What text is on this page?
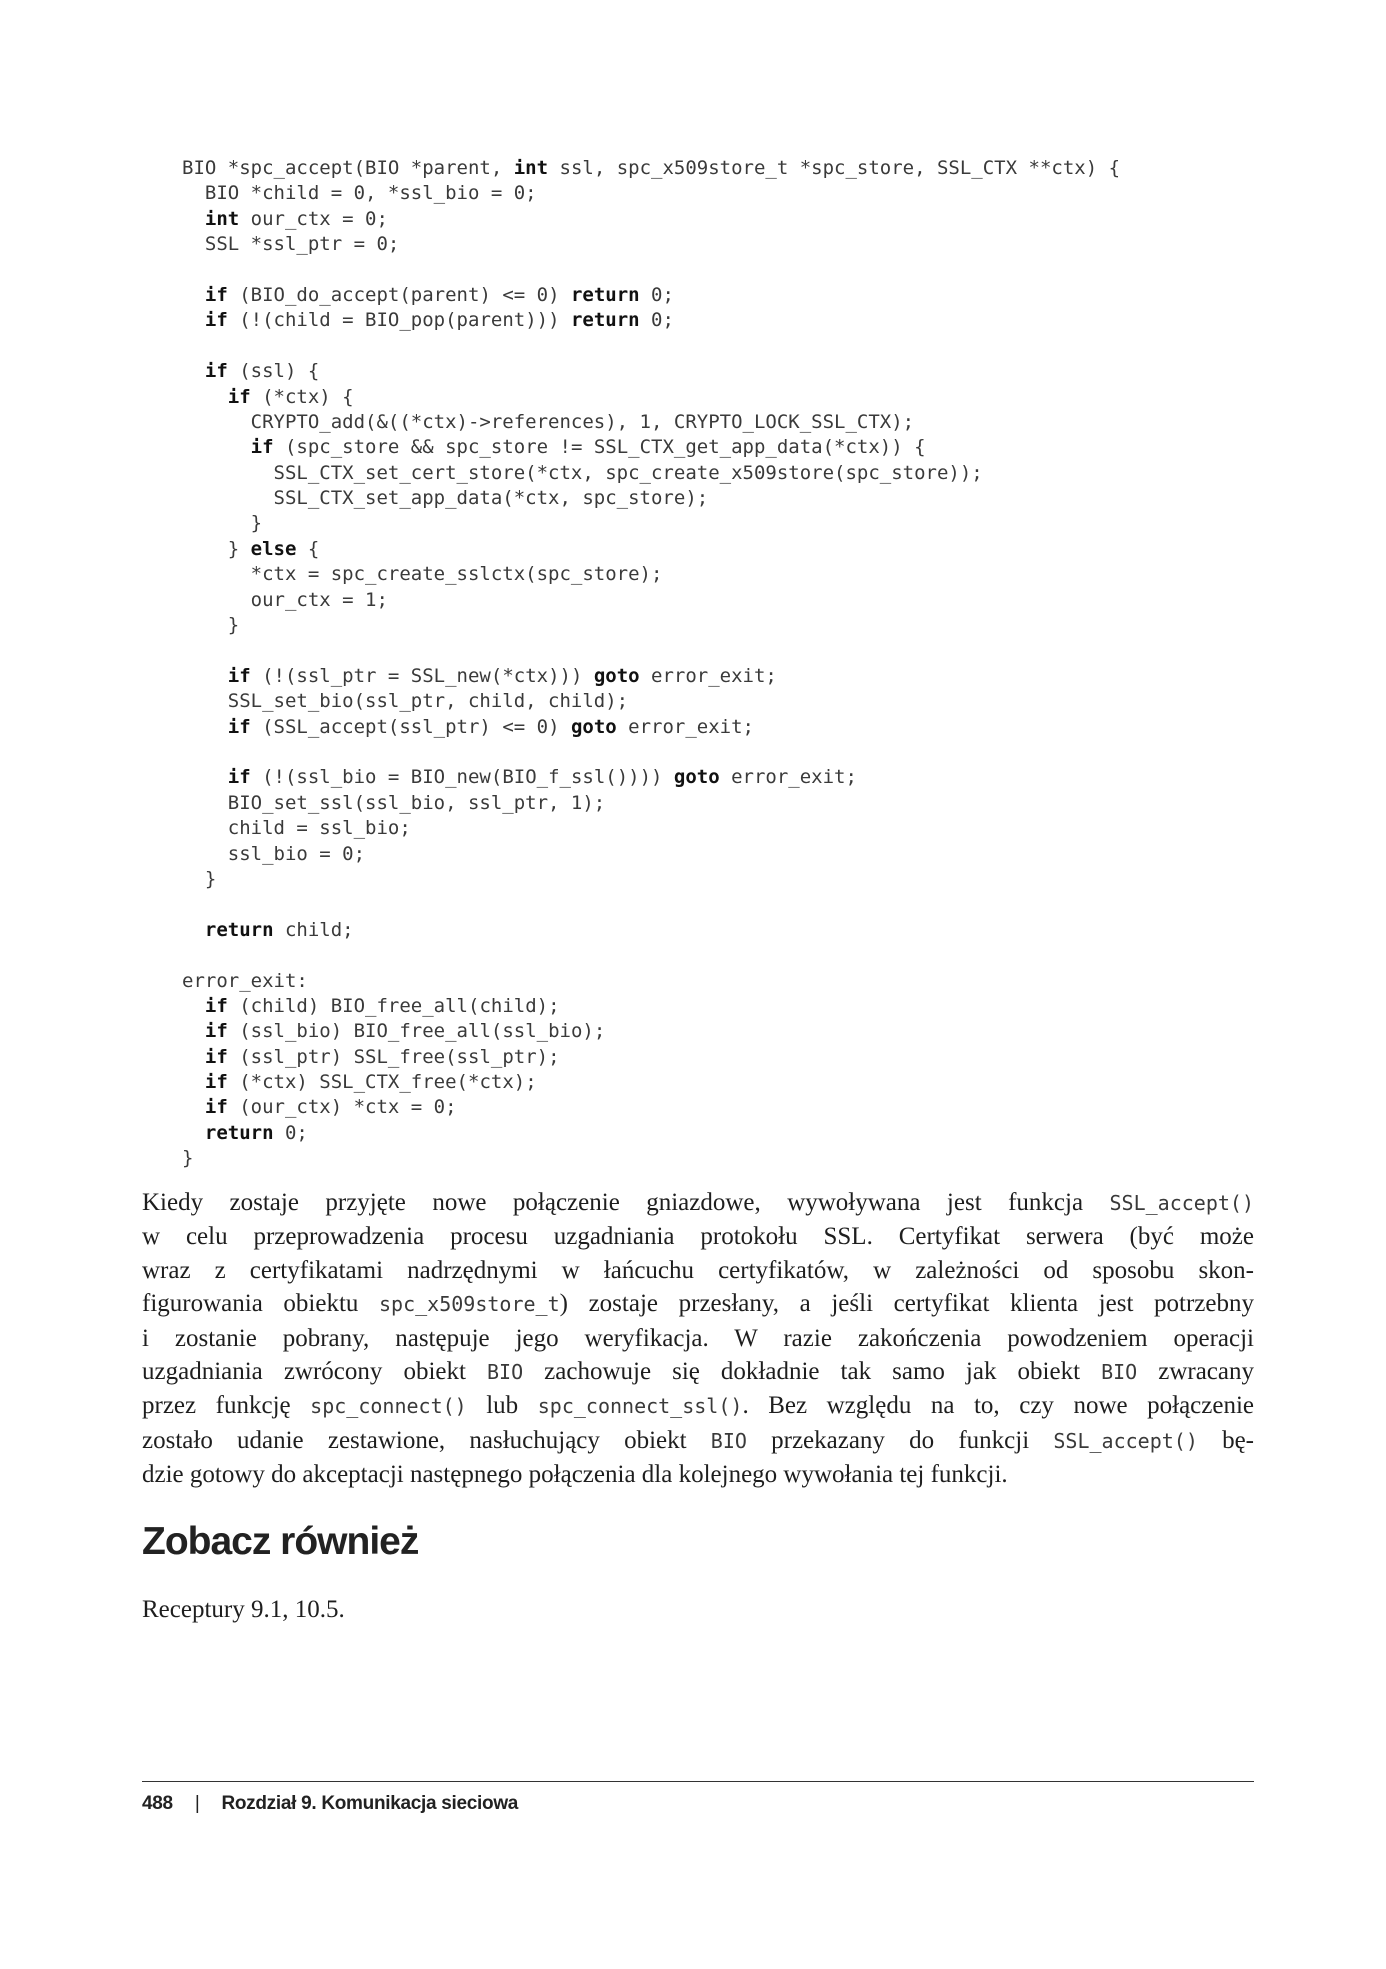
BIO *spc_accept(BIO *parent, int ssl, spc_x509store_t *spc_store, SSL_CTX **ctx) {
BIO *child = 0, *ssl_bio = 0;
int our_ctx = 0;
SSL *ssl_ptr = 0;

if (BIO_do_accept(parent) <= 0) return 0;
if (!(child = BIO_pop(parent))) return 0;

if (ssl) {
if (*ctx) {
CRYPTO_add(&((*ctx)->references), 1, CRYPTO_LOCK_SSL_CTX);
if (spc_store && spc_store != SSL_CTX_get_app_data(*ctx)) {
SSL_CTX_set_cert_store(*ctx, spc_create_x509store(spc_store));
SSL_CTX_set_app_data(*ctx, spc_store);
}
} else {
*ctx = spc_create_sslctx(spc_store);
our_ctx = 1;
}

if (!(ssl_ptr = SSL_new(*ctx))) goto error_exit;
SSL_set_bio(ssl_ptr, child, child);
if (SSL_accept(ssl_ptr) <= 0) goto error_exit;

if (!(ssl_bio = BIO_new(BIO_f_ssl()))) goto error_exit;
BIO_set_ssl(ssl_bio, ssl_ptr, 1);
child = ssl_bio;
ssl_bio = 0;
}

return child;

error_exit:
if (child) BIO_free_all(child);
if (ssl_bio) BIO_free_all(ssl_bio);
if (ssl_ptr) SSL_free(ssl_ptr);
if (*ctx) SSL_CTX_free(*ctx);
if (our_ctx) *ctx = 0;
return 0;
}
Kiedy zostaje przyjęte nowe połączenie gniazdowe, wywoływana jest funkcja SSL_accept()
w celu przeprowadzenia procesu uzgadniania protokołu SSL. Certyfikat serwera (być może
wraz z certyfikatami nadrzędnymi w łańcuchu certyfikatów, w zależności od sposobu skon-
figurowania obiektu spc_x509store_t) zostaje przesłany, a jeśli certyfikat klienta jest potrzebny
i zostanie pobrany, następuje jego weryfikacja. W razie zakończenia powodzeniem operacji
uzgadniania zwrócony obiekt BIO zachowuje się dokładnie tak samo jak obiekt BIO zwracany
przez funkcję spc_connect() lub spc_connect_ssl(). Bez względu na to, czy nowe połączenie
zostało udanie zestawione, nasłuchujący obiekt BIO przekazany do funkcji SSL_accept() bę-
dzie gotowy do akceptacji następnego połączenia dla kolejnego wywołania tej funkcji.
Zobacz również
Receptury 9.1, 10.5.
488 | Rozdział 9. Komunikacja sieciowa
